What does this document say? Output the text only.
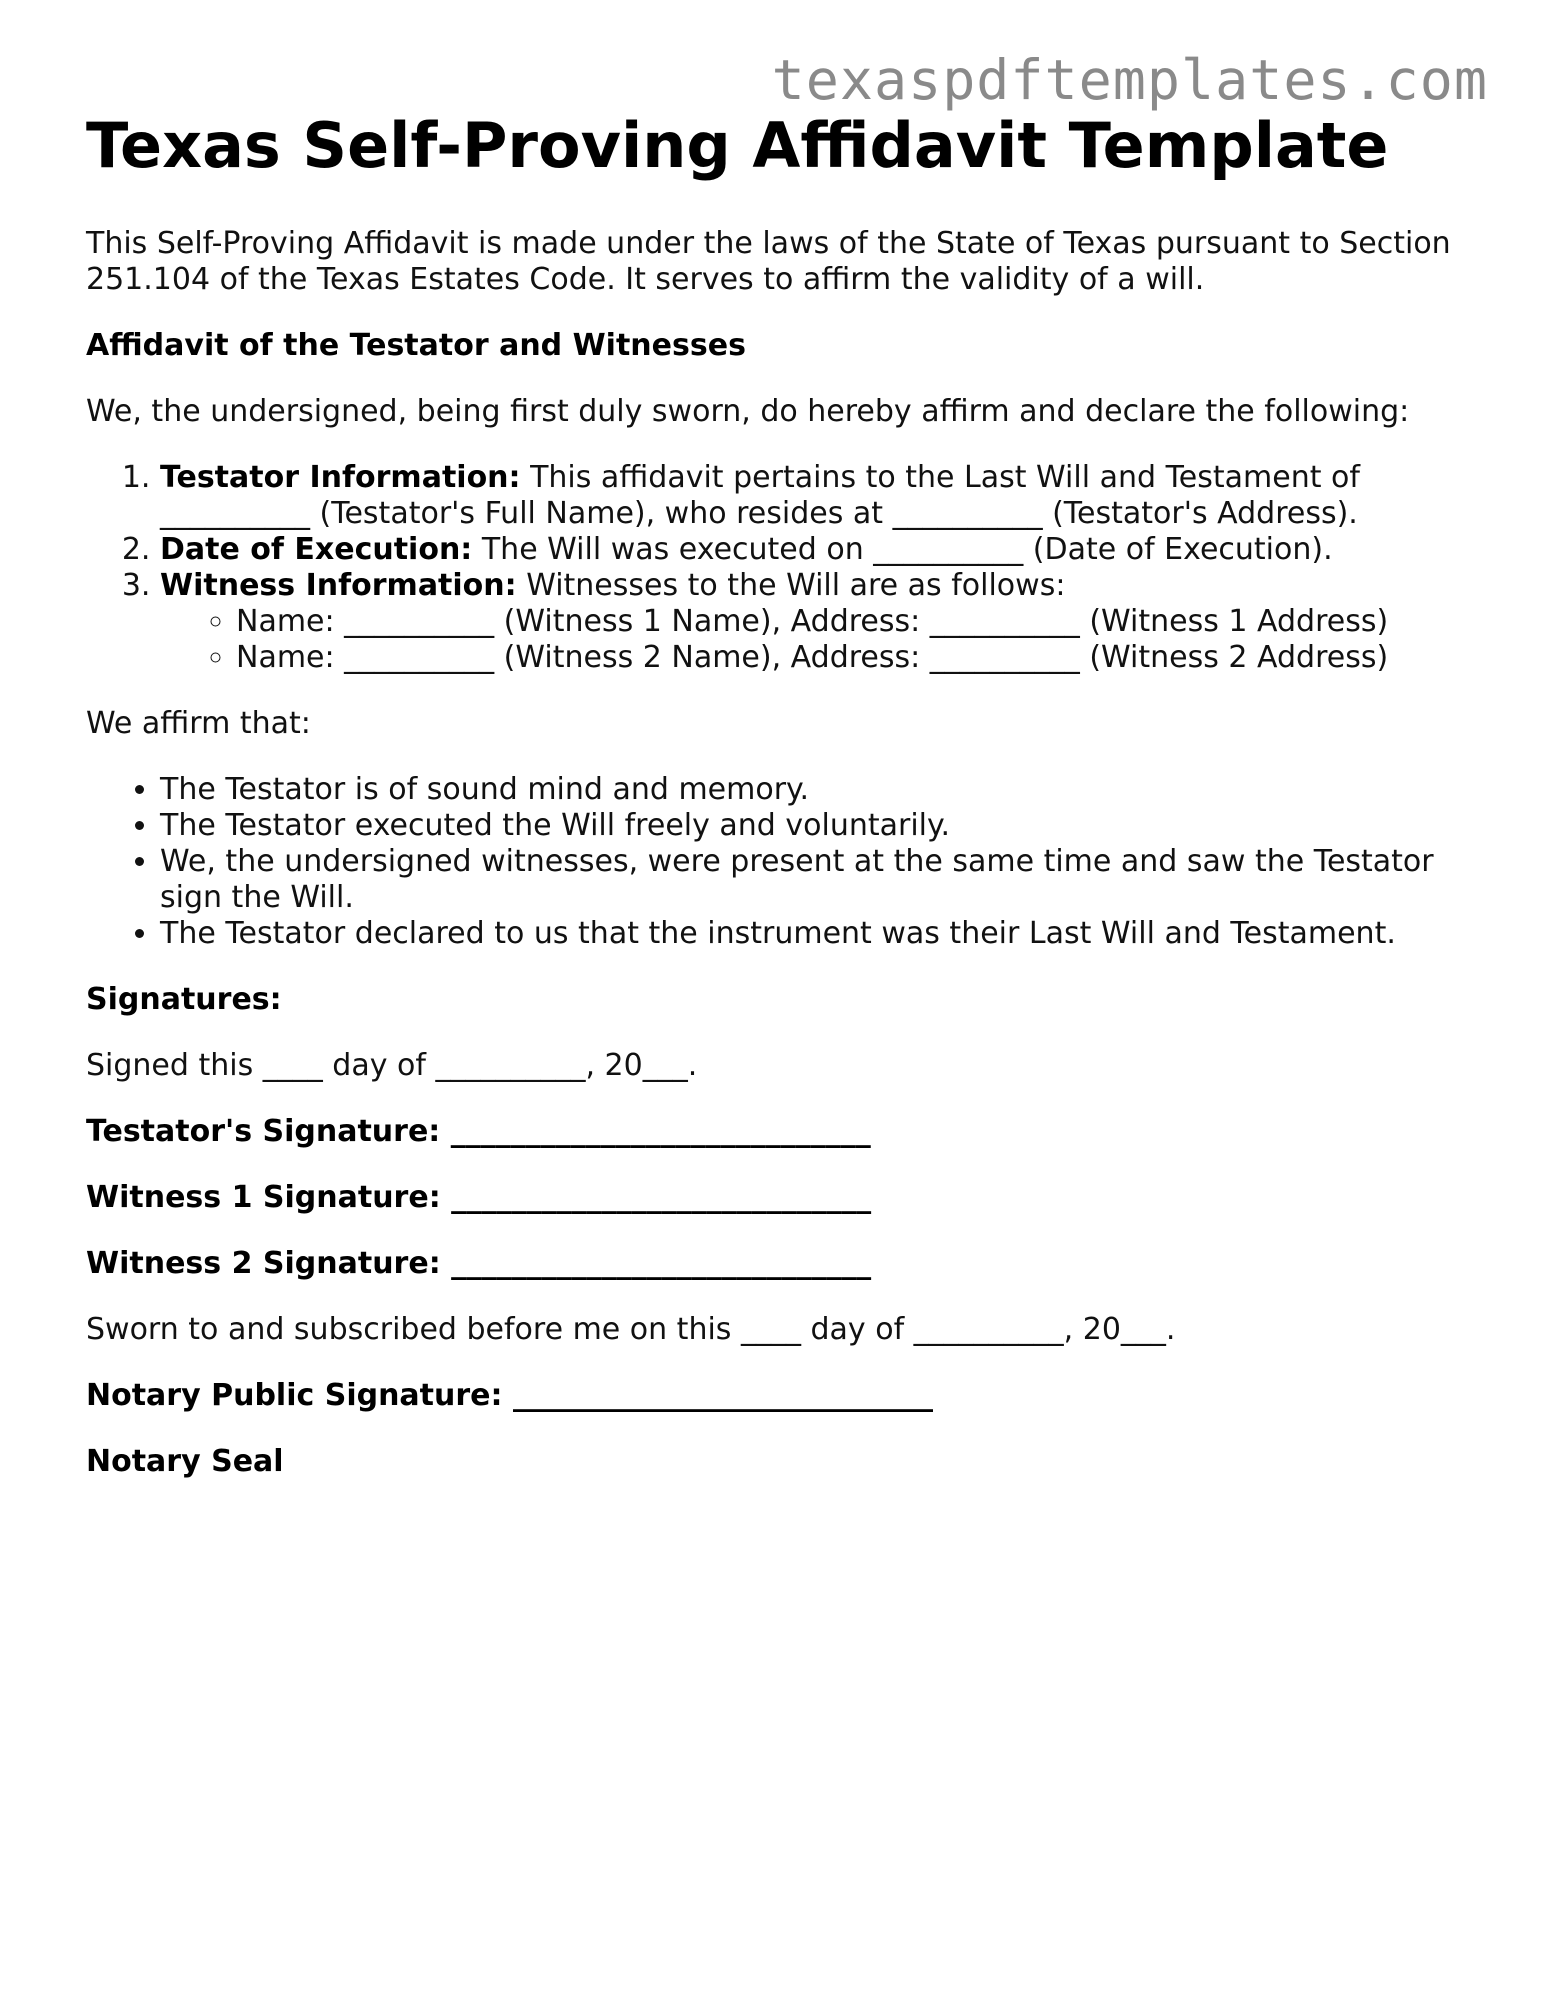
texaspdftemplates.com
Texas Self-Proving Affidavit Template

This Self-Proving Affidavit is made under the laws of the State of Texas pursuant to Section 251.104 of the Texas Estates Code. It serves to affirm the validity of a will.

Affidavit of the Testator and Witnesses

We, the undersigned, being first duly sworn, do hereby affirm and declare the following:

1. Testator Information: This affidavit pertains to the Last Will and Testament of __________ (Testator's Full Name), who resides at __________ (Testator's Address).
2. Date of Execution: The Will was executed on __________ (Date of Execution).
3. Witness Information: Witnesses to the Will are as follows:
◦ Name: __________ (Witness 1 Name), Address: __________ (Witness 1 Address)
◦ Name: __________ (Witness 2 Name), Address: __________ (Witness 2 Address)

We affirm that:

• The Testator is of sound mind and memory.
• The Testator executed the Will freely and voluntarily.
• We, the undersigned witnesses, were present at the same time and saw the Testator sign the Will.
• The Testator declared to us that the instrument was their Last Will and Testament.

Signatures:

Signed this ____ day of __________, 20___.

Testator's Signature: ____________________________

Witness 1 Signature: ____________________________

Witness 2 Signature: ____________________________

Sworn to and subscribed before me on this ____ day of __________, 20___.

Notary Public Signature: ____________________________

Notary Seal
